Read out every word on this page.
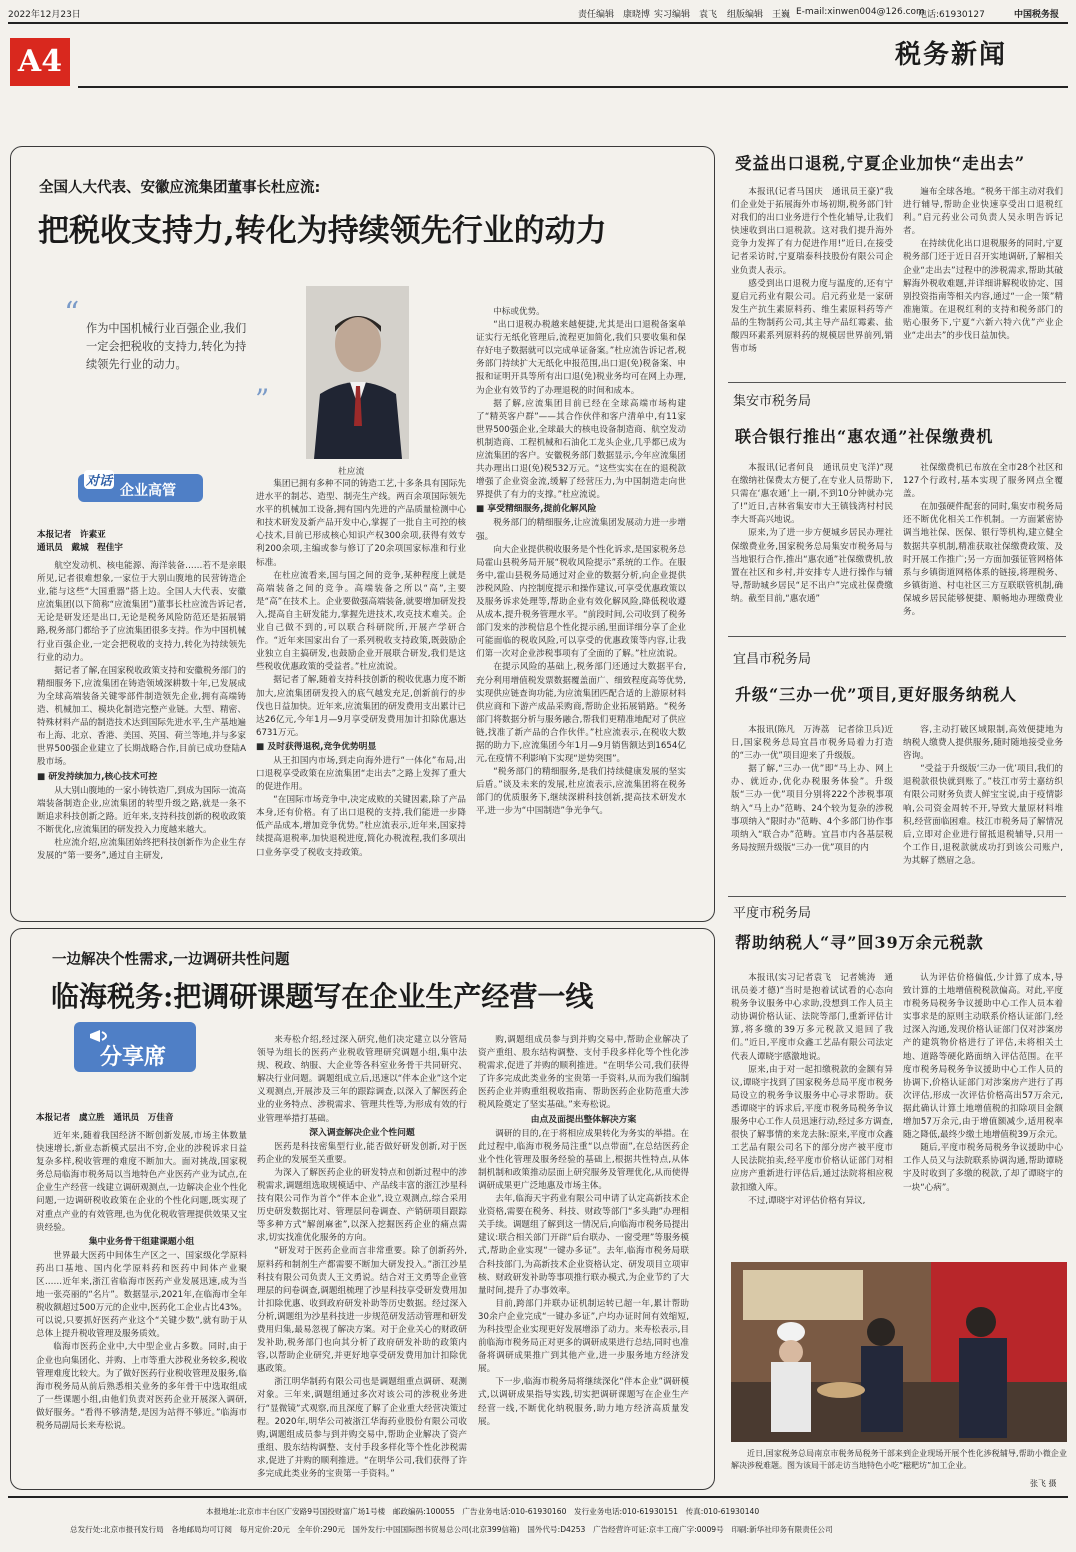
2022年12月23日	责任编辑　康晓博 实习编辑　袁飞 组版编辑　王巍 E-mail:xinwen004@126.com
电话:61930127	中国税务报
A4	税务新闻
全国人大代表、安徽应流集团董事长杜应流:
把税收支持力,转化为持续领先行业的动力
“ 作为中国机械行业百强企业,我们一定会把税收的支持力,转化为持续领先行业的动力。
”
杜应流
对话
企业高管
本报记者　许素亚
通讯员　戴城　程佳宇

航空发动机、核电能源、海洋装备……若不是亲眼所见,记者很难想象,一家位于大别山腹地的民营铸造企业,能与这些“大国重器”搭上边。全国人大代表、安徽应流集团(以下简称“应流集团”)董事长杜应流告诉记者,无论是研发还是出口,无论是税务风险防范还是拓展销路,税务部门都给予了应流集团很多支持。作为中国机械行业百强企业,一定会把税收的支持力,转化为持续领先行业的动力。

据记者了解,在国家税收政策支持和安徽税务部门的精细服务下,应流集团在铸造领域深耕数十年,已发展成为全球高端装备关键零部件制造领先企业,拥有高端铸造、机械加工、模块化制造完整产业链。大型、精密、特殊材料产品的制造技术达到国际先进水平,生产基地遍布上海、北京、香港、美国、英国、荷兰等地,并与多家世界500强企业建立了长期战略合作,目前已成功登陆A股市场。

■ 研发持续加力,核心技术可控

从大别山腹地的一家小铸铁造厂,到成为国际一流高端装备制造企业,应流集团的转型升级之路,就是一条不断追求科技创新之路。近年来,支持科技创新的税收政策不断优化,应流集团的研发投入力度越来越大。

杜应流介绍,应流集团始终把科技创新作为企业生存发展的“第一要务”,通过自主研发,

集团已拥有多种不同的铸造工艺,十多条具有国际先进水平的制芯、造型、制壳生产线。两百余项国际领先水平的机械加工设备,拥有国内先进的产品质量检测中心和技术研发及新产品开发中心,掌握了一批自主可控的核心技术,目前已形成核心知识产权300余项,获得有效专利200余项,主编或参与修订了20余项国家标准和行业标准。

在杜应流看来,国与国之间的竞争,某种程度上就是高端装备之间的竞争。高端装备之所以“高”,主要是“高”在技术上。企业要做强高端装备,就要增加研发投入,提高自主研发能力,掌握先进技术,攻克技术难关。企业自己做不到的,可以联合科研院所,开展产学研合作。“近年来国家出台了一系列税收支持政策,既鼓励企业独立自主搞研发,也鼓励企业开展联合研发,我们是这些税收优惠政策的受益者。”杜应流说。

据记者了解,随着支持科技创新的税收优惠力度不断加大,应流集团研发投入的底气越发充足,创新前行的步伐也日益加快。近年来,应流集团的研发费用支出累计已达26亿元,今年1月—9月享受研发费用加计扣除优惠达6731万元。

■ 及时获得退税,竞争优势明显

从王扣国内市场,到走向海外进行“一体化”布局,出口退税享受政策在应流集团“走出去”之路上发挥了重大的促进作用。

“在国际市场竞争中,决定成败的关键因素,除了产品本身,还有价格。有了出口退税的支持,我们能进一步降低产品成本,增加竞争优势。”杜应流表示,近年来,国家持续提高退税率,加快退税进度,简化办税流程,我们多项出口业务享受了税收支持政策。

中标或优势。

“出口退税办税越来越便捷,尤其是出口退税备案单证实行无纸化管理后,流程更加简化,我们只要收集和保存好电子数据就可以完成单证备案。”杜应流告诉记者,税务部门持续扩大无纸化申报范围,出口退(免)税备案、申报和证明开具等所有出口退(免)税业务均可在网上办理,为企业有效节约了办理退税的时间和成本。

据了解,应流集团目前已经在全球高端市场构建了“精英客户群”——其合作伙伴和客户清单中,有11家世界500强企业,全球最大的核电设备制造商、航空发动机制造商、工程机械和石油化工龙头企业,几乎都已成为应流集团的客户。安徽税务部门数据显示,今年应流集团共办理出口退(免)税532万元。“这些实实在在的退税款增强了企业资金流,缓解了经营压力,为中国制造走向世界提供了有力的支撑。”杜应流说。

■ 享受精细服务,提前化解风险

税务部门的精细服务,让应流集团发展动力进一步增强。

向大企业提供税收服务是个性化诉求,是国家税务总局霍山县税务局开展“税收风险提示”系统的工作。在服务中,霍山县税务局通过对企业的数据分析,向企业提供涉税风险、内控制度提示和操作建议,可享受优惠政策以及服务诉求处理等,帮助企业有效化解风险,降低税收遵从成本,提升税务管理水平。“前段时间,公司收到了税务部门发来的涉税信息个性化提示函,里面详细分享了企业可能面临的税收风险,可以享受的优惠政策等内容,让我们第一次对企业涉税事项有了全面的了解。”杜应流说。

在提示风险的基础上,税务部门还通过大数据平台,充分利用增值税发票数据覆盖面广、细致程度高等优势,实现供应链查询功能,为应流集团匹配合适的上游原材料供应商和下游产成品采购商,帮助企业拓展销路。“税务部门将数据分析与服务融合,帮我们更精准地配对了供应链,找准了新产品的合作伙伴。”杜应流表示,在税收大数据的助力下,应流集团今年1月—9月销售额达到1654亿元,在疫情不利影响下实现“逆势突围”。

“税务部门的精细服务,是我们持续健康发展的坚实后盾。”谈及未来的发展,杜应流表示,应流集团将在税务部门的优质服务下,继续深耕科技创新,提高技术研发水平,进一步为“中国制造”争光争气。

一边解决个性需求,一边调研共性问题
临海税务:把调研课题写在企业生产经营一线
分享席
本报记者　虞立胜　通讯员　万佳音

近年来,随着我国经济不断创新发展,市场主体数量快速增长,新业态新模式层出不穷,企业的涉税诉求日益复杂多样,税收管理的难度不断加大。面对挑战,国家税务总局临海市税务局以当地特色产业医药产业为试点,在企业生产经营一线建立调研观测点,一边解决企业个性化问题,一边调研税收政策在企业的个性化问题,既实现了对重点产业的有效管理,也为优化税收管理提供效果又宝贵经验。

集中业务骨干组建课题小组

世界最大医药中间体生产区之一、国家级化学原料药出口基地、国内化学原料药和医药中间体产业聚区……近年来,浙江省临海市医药产业发展迅速,成为当地一张亮丽的“名片”。数据显示,2021年,在临海市全年税收额超过500万元的企业中,医药化工企业占比43%。可以说,只要抓好医药产业这个“关键少数”,就有助于从总体上提升税收管理及服务质效。

临海市医药企业中,大中型企业占多数。同时,由于企业也向集团化、并购、上市等重大涉税业务较多,税收管理难度比较大。为了做好医药行业税收管理及服务,临海市税务局从前后熟悉相关业务的多年骨干中选取组成了一些课题小组,由他们负责对医药企业开展深入调研,做好服务。“看得不够清楚,是因为站得不够近。”临海市税务局副局长来寿松说。

来寿松介绍,经过深入研究,他们决定建立以分管局领导为组长的医药产业税收管理研究调题小组,集中法规、税政、纳服、大企业等各科室业务骨干共同研究、解决行业问题。调题组成立后,迅速以“伴本企业”这个定义观测点,开展涉及三年的跟踪调查,以深入了解医药企业的业务特点、涉税需求、管理共性等,为形成有效的行业管理举措打基础。

深入调查解决企业个性问题

医药是科技密集型行业,能否做好研发创新,对于医药企业的发展至关重要。

为深入了解医药企业的研发特点和创新过程中的涉税需求,调题组选取规模适中、产品线丰富的浙江沙星科技有限公司作为首个“伴本企业”,设立观测点,综合采用历史研发数据比对、管理层问卷调查、产销研项目跟踪等多种方式“解剖麻雀”,以深入挖掘医药企业的痛点需求,切实找准优化服务的方向。

“研发对于医药企业而言非常重要。除了创新药外,原料药和制剂生产都需要不断加大研发投入。”浙江沙星科技有限公司负责人王文勇说。结合对王文勇等企业管理层的问卷调查,调题组梳理了沙星科技享受研发费用加计扣除优惠、收到政府研发补助等历史数据。经过深入分析,调题组为沙星科技进一步规范研发活动管理和研发费用归集,最易忽视了解决方案。对于企业关心的财政研发补助,税务部门也向其分析了政府研发补助的政策内容,以帮助企业研究,并更好地享受研发费用加计扣除优惠政策。

浙江明华制药有限公司也是调题组重点调研、观测对象。三年来,调题组通过多次对该公司的涉税业务进行“显微镜”式观察,而且深度了解了企业重大经营决策过程。2020年,明华公司被浙江华海药业股份有限公司收购,调题组成员参与到并购交易中,帮助企业解决了资产重组、股东结构调整、支付手段多样化等个性化涉税需求,促进了并购的顺利推进。“在明华公司,我们获得了许多完成此类业务的宝贵第一手资料。”

购,调题组成员参与到并购交易中,帮助企业解决了资产重组、股东结构调整、支付手段多样化等个性化涉税需求,促进了并购的顺利推进。“在明华公司,我们获得了许多完成此类业务的宝贵第一手资料,从而为我们编制医药企业并购重组税收指南、帮助医药企业防范重大涉税风险奠定了坚实基础。”来寿松说。

由点及面提出整体解决方案

调研的目的,在于将相应成果转化为务实的举措。在此过程中,临海市税务局注重“以点带面”,在总结医药企业个性化管理及服务经验的基础上,根据共性特点,从体制机制和政策推动层面上研究服务及管理优化,从而使得调研成果更广泛地惠及市场主体。

去年,临海天宇药业有限公司申请了认定高新技术企业资格,需要在税务、科技、财政等部门“多头跑”办理相关手续。调题组了解到这一情况后,向临海市税务局提出建议:联合相关部门开辟“后台联办、一窗受理”等服务模式,帮助企业实现“一键办多证”。去年,临海市税务局联合科技部门,为高新技术企业资格认定、研发项目立项审核、财政研发补助等事项推行联办模式,为企业节约了大量时间,提升了办事效率。

目前,跨部门并联办证机制运转已超一年,累计帮助30余户企业完成“一键办多证”,户均办证时间有效缩短,为科技型企业实现更好发展增添了动力。来寿松表示,目前临海市税务局正对更多的调研成果进行总结,同时也准备将调研成果推广到其他产业,进一步服务地方经济发展。

下一步,临海市税务局将继续深化“伴本企业”调研模式,以调研成果指导实践,切实把调研课题写在企业生产经营一线,不断优化纳税服务,助力地方经济高质量发展。

受益出口退税,宁夏企业加快“走出去”

本报讯(记者马国庆　通讯员王豪)“我们企业处于拓展海外市场初期,税务部门针对我们的出口业务进行个性化辅导,让我们快速收到出口退税款。这对我们提升海外竞争力发挥了有力促进作用!”近日,在接受记者采访时,宁夏瑞泰科技股份有限公司企业负责人表示。

感受到出口退税力度与温度的,还有宁夏启元药业有限公司。启元药业是一家研发生产抗生素原料药、维生素原料药等产品的生物制药公司,其主导产品红霉素、盐酸四环素系列原料药的规模居世界前列,销售市场

遍布全球各地。“税务干部主动对我们进行辅导,帮助企业快速享受出口退税红利。”启元药业公司负责人吴永明告诉记者。

在持续优化出口退税服务的同时,宁夏税务部门还于近日召开实地调研,了解相关企业“走出去”过程中的涉税需求,帮助其破解海外税收难题,并详细讲解税收协定、国别投资指南等相关内容,通过“一企一策”精准施策。在退税红利的支持和税务部门的贴心服务下,宁夏“六新六特六优”产业企业“走出去”的步伐日益加快。

集安市税务局
联合银行推出“惠农通”社保缴费机

本报讯(记者何良　通讯员史飞洋)“现在缴纳社保费太方便了,在专业人员帮助下,只需在‘惠农通’上一刷,不到10分钟就办完了!”近日,吉林省集安市大王镇钱湾村村民李大哥高兴地说。

原来,为了进一步方便城乡居民办理社保缴费业务,国家税务总局集安市税务局与当地银行合作,推出“惠农通”社保缴费机,放置在社区和乡村,并安排专人进行操作与辅导,帮助城乡居民“足不出户”完成社保费缴纳。截至目前,“惠农通”

社保缴费机已布放在全市28个社区和127个行政村,基本实现了服务网点全覆盖。

在加强硬件配套的同时,集安市税务局还不断优化相关工作机制。一方面紧密协调当地社保、医保、银行等机构,建立健全数据共享机制,精准获取社保缴费政策、及时开展工作推广;另一方面加强征管网格体系与乡镇街道网格体系的链接,将理税务、乡镇街道、村屯社区三方互联联管机制,确保城乡居民能够便捷、顺畅地办理缴费业务。

宜昌市税务局
升级“三办一优”项目,更好服务纳税人

本报讯(陈凡　万涛荔　记者徐卫兵)近日,国家税务总局宜昌市税务局着力打造的“三办一优”项目迎来了升级版。

据了解,“三办一优”即“马上办、网上办、就近办,优化办税服务体验”。升级版“三办一优”项目分别将222个涉税事项纳入“马上办”范畴、24个较为复杂的涉税事项纳入“限时办”范畴、4个多部门协作事项纳入“联合办”范畴。宜昌市内各基层税务局按照升级版“三办一优”项目的内

容,主动打破区域限制,高效便捷地为纳税人缴费人提供服务,随时随地接受业务咨询。

“受益于升级版‘三办一优’项目,我们的退税款很快就到账了。”枝江市劳士嘉纺织有限公司财务负责人鲜宝宝说,由于疫情影响,公司资金周转不开,导致大量原材料堆积,经营面临困难。枝江市税务局了解情况后,立即对企业进行留抵退税辅导,只用一个工作日,退税款就成功打到该公司账户,为其解了燃眉之急。

平度市税务局
帮助纳税人“寻”回39万余元税款

本报讯(实习记者袁飞　记者姚涛　通讯员姜才德)“当时是抱着试试看的心态向税务争议服务中心求助,没想到工作人员主动协调价格认证、法院等部门,重新评估计算,将多缴的39万多元税款又退回了我们。”近日,平度市众鑫工艺品有限公司法定代表人谭晓宇感激地说。

原来,由于对一起扣缴税款的金额有异议,谭晓宇找到了国家税务总局平度市税务局设立的税务争议服务中心寻求帮助。获悉谭晓宇的诉求后,平度市税务局税务争议服务中心工作人员迅速行动,经过多方调查,很快了解事情的来龙去脉:原来,平度市众鑫工艺品有限公司名下的部分房产被平度市人民法院拍卖,经平度市价格认证部门对相应房产重新进行评估后,通过法院将相应税款扣缴入库。

不过,谭晓宇对评估价格有异议,

认为评估价格偏低,少计算了成本,导致计算的土地增值税税款偏高。对此,平度市税务局税务争议援助中心工作人员本着实事求是的原则主动联系价格认证部门,经过深入沟通,发现价格认证部门仅对涉案房产的建筑物价格进行了评估,未将相关土地、道路等硬化路面纳入评估范围。在平度市税务局税务争议援助中心工作人员的协调下,价格认证部门对涉案房产进行了再次评估,形成一次评估价格高出57万余元,据此确认计算土地增值税的扣除项目金额增加57万余元,由于增值额减少,适用税率随之降低,最终少缴土地增值税39万余元。

随后,平度市税务局税务争议援助中心工作人员又与法院联系协调沟通,帮助谭晓宇及时收到了多缴的税款,了却了谭晓宇的一块“心病”。

近日,国家税务总局南京市税务局税务干部来到企业现场开展个性化涉税辅导,帮助小微企业解决涉税难题。图为该局干部走访当地特色小吃“糍粑坊”加工企业。

张飞 摄
本报地址:北京市丰台区广安路9号国投财富广场1号楼　邮政编码:100055　广告业务电话:010-61930160　发行业务电话:010-61930151　传真:010-61930140
总发行处:北京市报刊发行局　各地邮局均可订阅　每月定价:20元　全年价:290元　国外发行:中国国际图书贸易总公司(北京399信箱)　国外代号:D4253　广告经营许可证:京丰工商广字:0009号　印刷:新华社印务有限责任公司
